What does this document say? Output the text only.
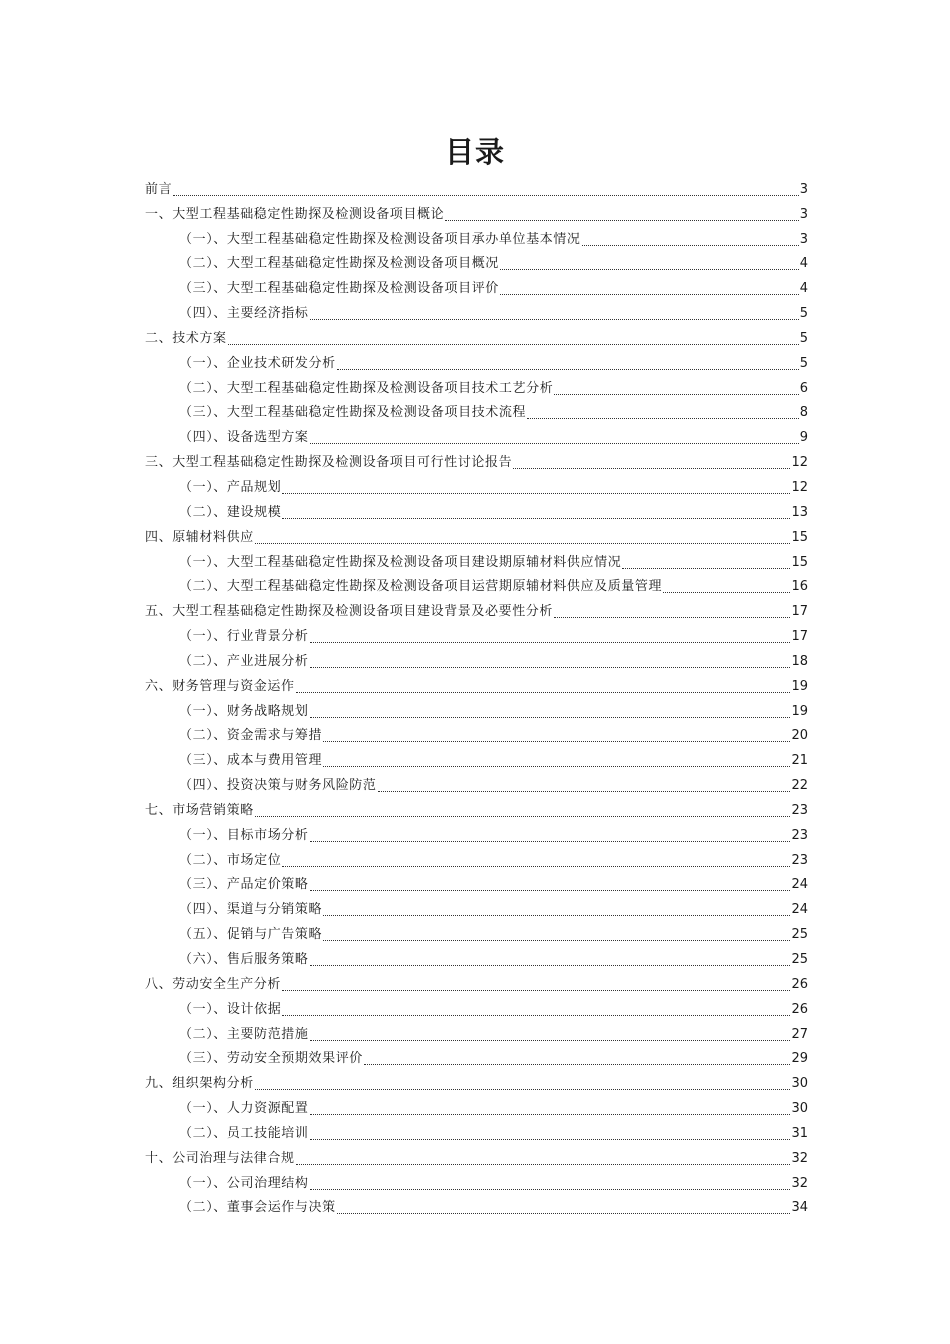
目录
前言	3
一、大型工程基础稳定性勘探及检测设备项目概论	3
（一）、大型工程基础稳定性勘探及检测设备项目承办单位基本情况	3
（二）、大型工程基础稳定性勘探及检测设备项目概况	4
（三）、大型工程基础稳定性勘探及检测设备项目评价	4
（四）、主要经济指标	5
二、技术方案	5
（一）、企业技术研发分析	5
（二）、大型工程基础稳定性勘探及检测设备项目技术工艺分析	6
（三）、大型工程基础稳定性勘探及检测设备项目技术流程	8
（四）、设备选型方案	9
三、大型工程基础稳定性勘探及检测设备项目可行性讨论报告	12
（一）、产品规划	12
（二）、建设规模	13
四、原辅材料供应	15
（一）、大型工程基础稳定性勘探及检测设备项目建设期原辅材料供应情况	15
（二）、大型工程基础稳定性勘探及检测设备项目运营期原辅材料供应及质量管理	16
五、大型工程基础稳定性勘探及检测设备项目建设背景及必要性分析	17
（一）、行业背景分析	17
（二）、产业进展分析	18
六、财务管理与资金运作	19
（一）、财务战略规划	19
（二）、资金需求与筹措	20
（三）、成本与费用管理	21
（四）、投资决策与财务风险防范	22
七、市场营销策略	23
（一）、目标市场分析	23
（二）、市场定位	23
（三）、产品定价策略	24
（四）、渠道与分销策略	24
（五）、促销与广告策略	25
（六）、售后服务策略	25
八、劳动安全生产分析	26
（一）、设计依据	26
（二）、主要防范措施	27
（三）、劳动安全预期效果评价	29
九、组织架构分析	30
（一）、人力资源配置	30
（二）、员工技能培训	31
十、公司治理与法律合规	32
（一）、公司治理结构	32
（二）、董事会运作与决策	34
